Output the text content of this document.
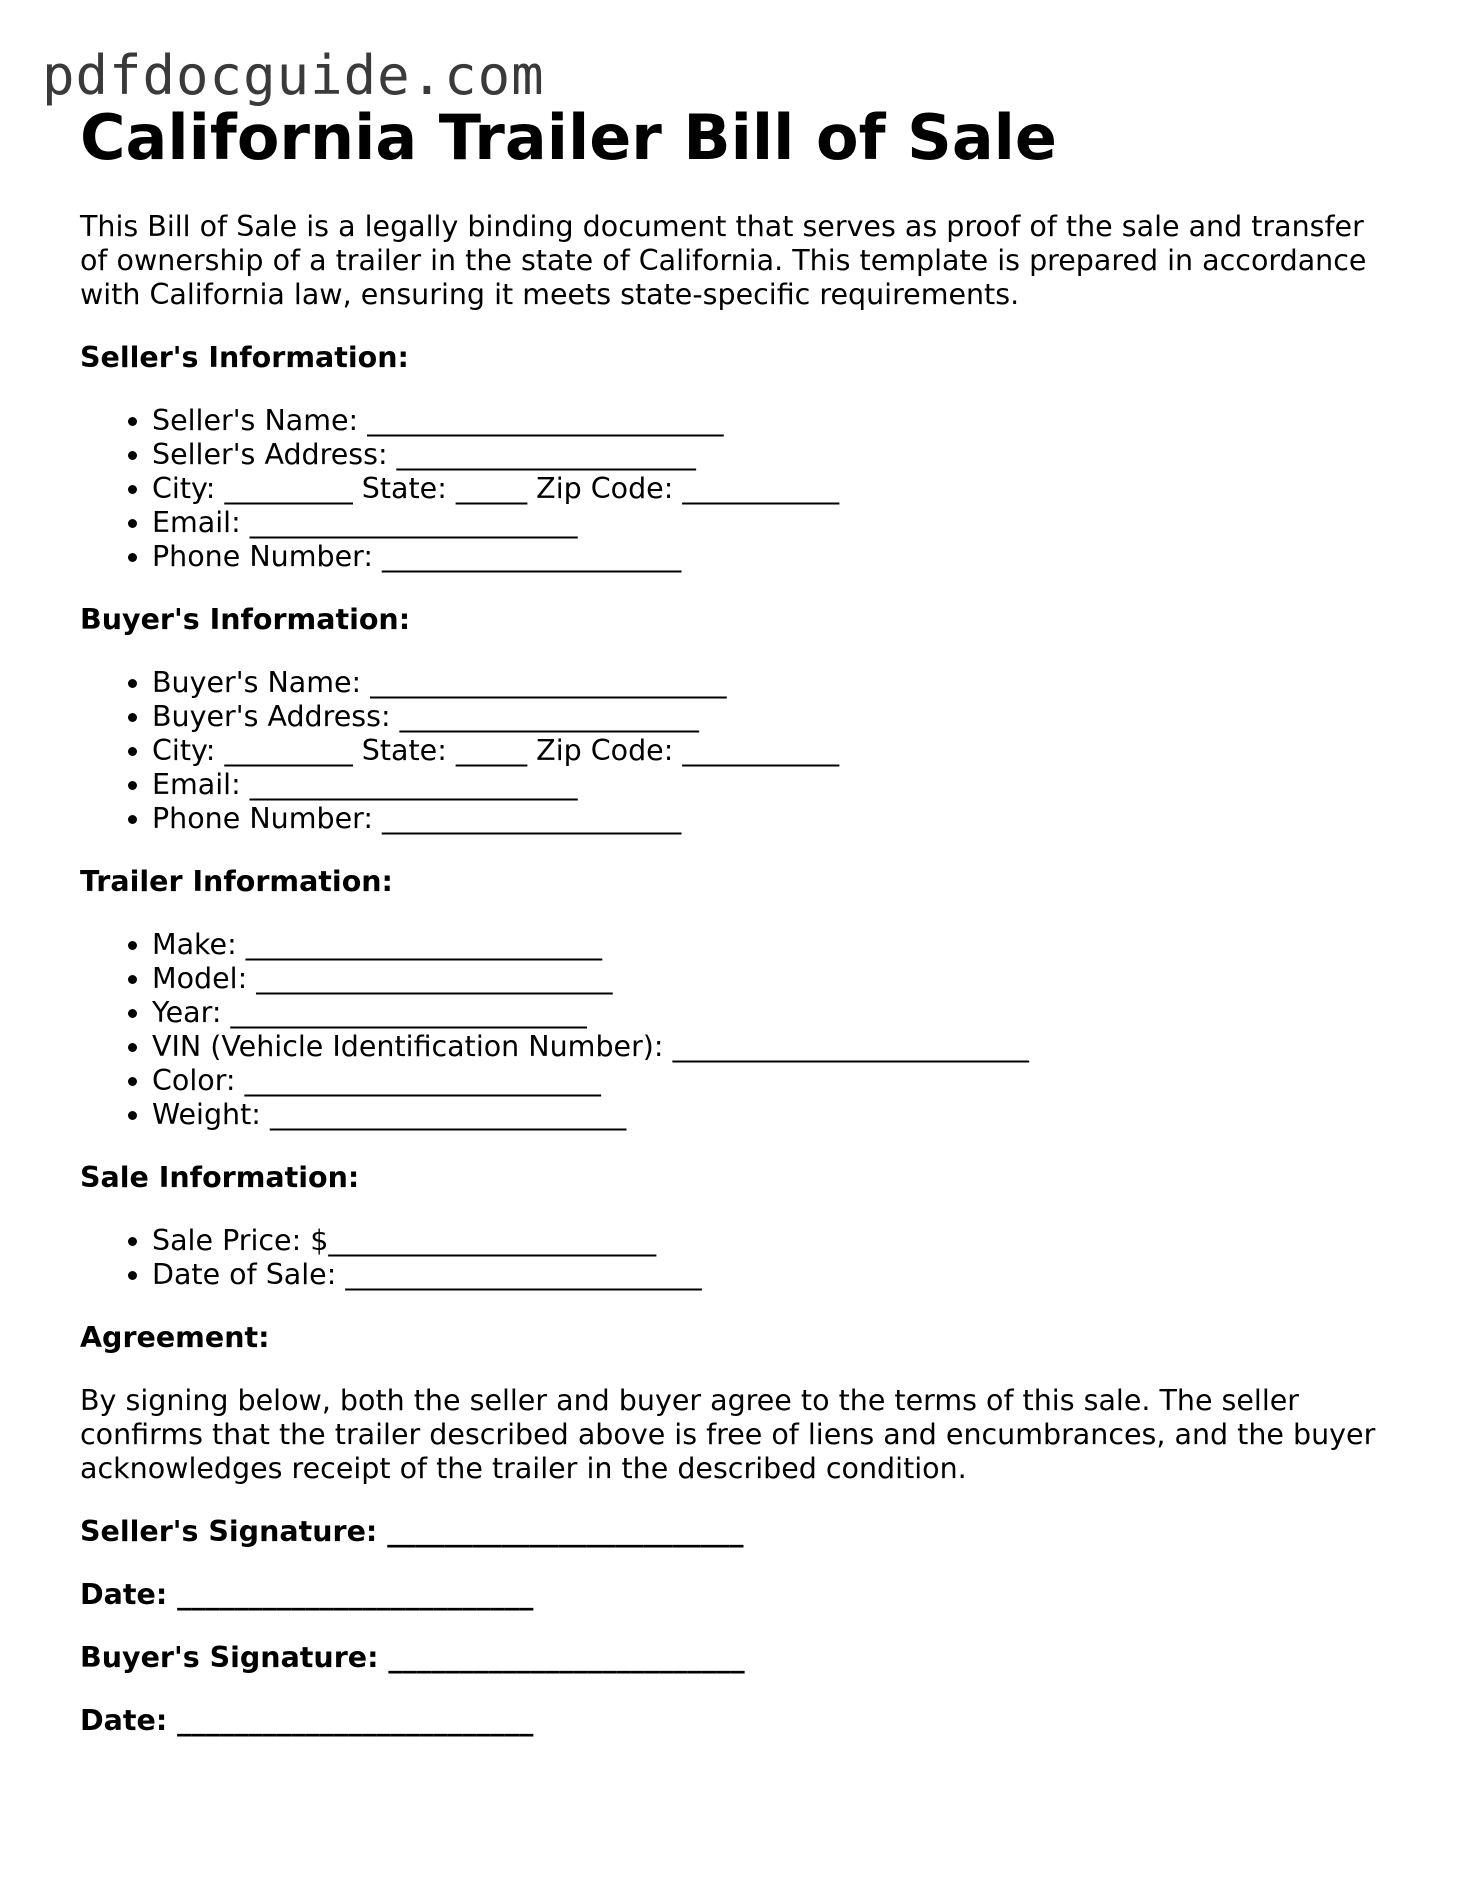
pdfdocguide.com
California Trailer Bill of Sale

This Bill of Sale is a legally binding document that serves as proof of the sale and transfer of ownership of a trailer in the state of California. This template is prepared in accordance with California law, ensuring it meets state-specific requirements.

Seller's Information:

• Seller's Name: _________________________
• Seller's Address: _____________________
• City: _________ State: _____ Zip Code: ___________
• Email: _______________________
• Phone Number: _____________________

Buyer's Information:

• Buyer's Name: _________________________
• Buyer's Address: _____________________
• City: _________ State: _____ Zip Code: ___________
• Email: _______________________
• Phone Number: _____________________

Trailer Information:

• Make: _________________________
• Model: _________________________
• Year: _________________________
• VIN (Vehicle Identification Number): _________________________
• Color: _________________________
• Weight: _________________________

Sale Information:

• Sale Price: $_______________________
• Date of Sale: _________________________

Agreement:

By signing below, both the seller and buyer agree to the terms of this sale. The seller confirms that the trailer described above is free of liens and encumbrances, and the buyer acknowledges receipt of the trailer in the described condition.

Seller's Signature: _________________________

Date: _________________________

Buyer's Signature: _________________________

Date: _________________________
